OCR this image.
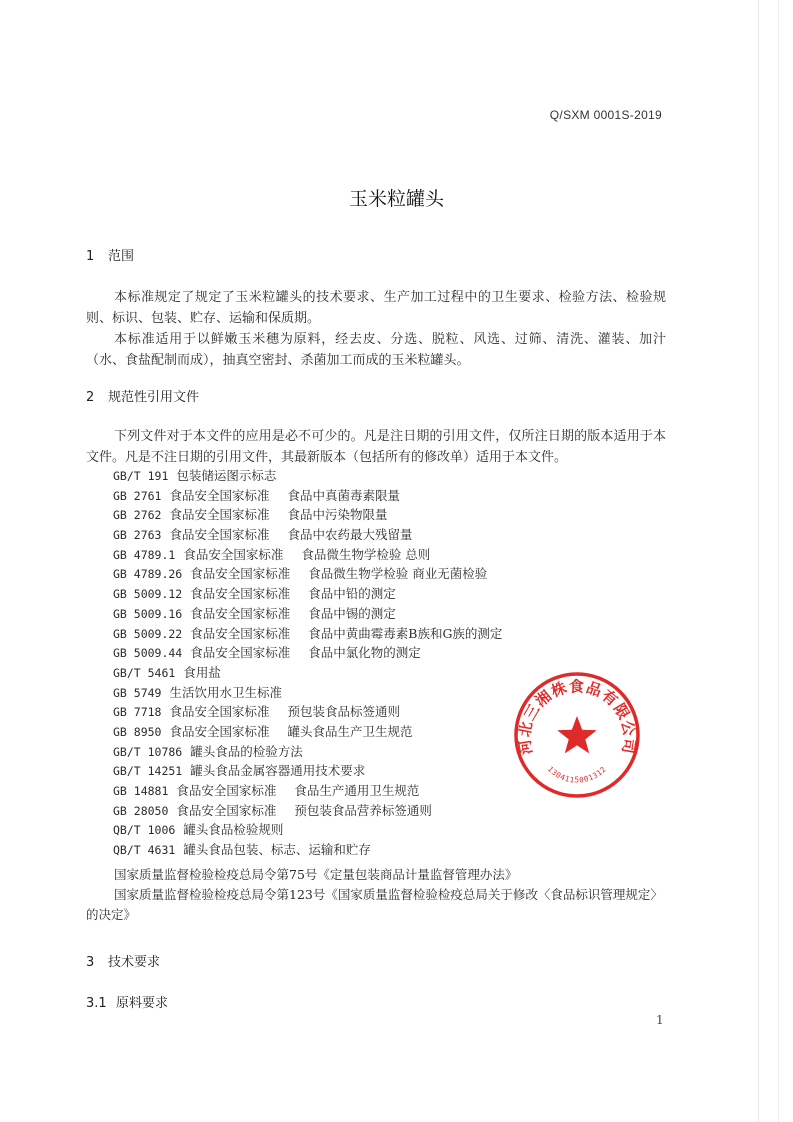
Q/SXM 0001S-2019
玉米粒罐头
1 范围

本标准规定了规定了玉米粒罐头的技术要求、生产加工过程中的卫生要求、检验方法、检验规则、标识、包装、贮存、运输和保质期。

本标准适用于以鲜嫩玉米穗为原料，经去皮、分选、脱粒、风选、过筛、清洗、灌装、加汁（水、食盐配制而成），抽真空密封、杀菌加工而成的玉米粒罐头。

2 规范性引用文件

下列文件对于本文件的应用是必不可少的。凡是注日期的引用文件，仅所注日期的版本适用于本文件。凡是不注日期的引用文件，其最新版本（包括所有的修改单）适用于本文件。

GB/T 191 包装储运图示标志
GB 2761 食品安全国家标准 食品中真菌毒素限量
GB 2762 食品安全国家标准 食品中污染物限量
GB 2763 食品安全国家标准 食品中农药最大残留量
GB 4789.1 食品安全国家标准 食品微生物学检验 总则
GB 4789.26 食品安全国家标准 食品微生物学检验 商业无菌检验
GB 5009.12 食品安全国家标准 食品中铅的测定
GB 5009.16 食品安全国家标准 食品中锡的测定
GB 5009.22 食品安全国家标准 食品中黄曲霉毒素B族和G族的测定
GB 5009.44 食品安全国家标准 食品中氯化物的测定
GB/T 5461 食用盐
GB 5749 生活饮用水卫生标准
GB 7718 食品安全国家标准 预包装食品标签通则
GB 8950 食品安全国家标准 罐头食品生产卫生规范
GB/T 10786 罐头食品的检验方法
GB/T 14251 罐头食品金属容器通用技术要求
GB 14881 食品安全国家标准 食品生产通用卫生规范
GB 28050 食品安全国家标准 预包装食品营养标签通则
QB/T 1006 罐头食品检验规则
QB/T 4631 罐头食品包装、标志、运输和贮存

国家质量监督检验检疫总局令第75号《定量包装商品计量监督管理办法》

国家质量监督检验检疫总局令第123号《国家质量监督检验检疫总局关于修改〈食品标识管理规定〉的决定》

3 技术要求
3.1 原料要求
1
河北三湘株食品有限公司
1304115001312
